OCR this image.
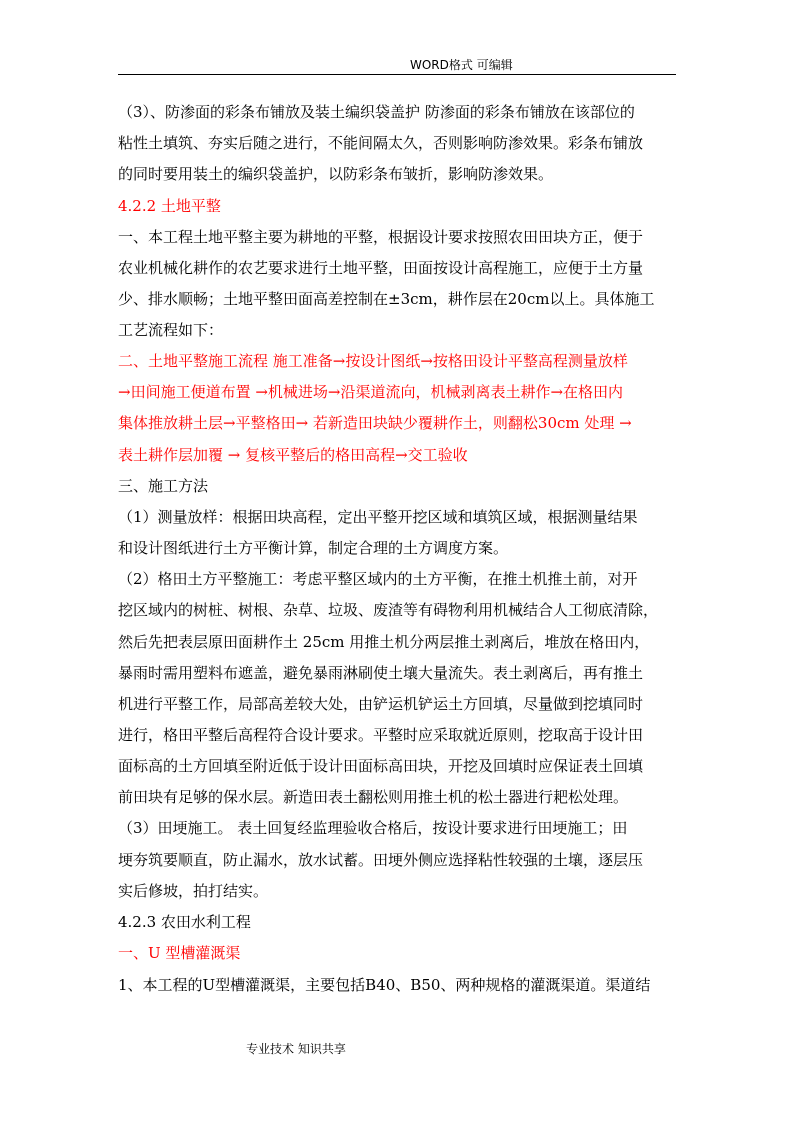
WORD格式 可编辑
（3）、防渗面的彩条布铺放及装土编织袋盖护 防渗面的彩条布铺放在该部位的
粘性土填筑、夯实后随之进行，不能间隔太久，否则影响防渗效果。彩条布铺放
的同时要用装土的编织袋盖护，以防彩条布皱折，影响防渗效果。
4.2.2 土地平整
一、本工程土地平整主要为耕地的平整，根据设计要求按照农田田块方正，便于
农业机械化耕作的农艺要求进行土地平整，田面按设计高程施工，应便于土方量
少、排水顺畅；土地平整田面高差控制在±3cm，耕作层在20cm以上。具体施工
工艺流程如下：
二、土地平整施工流程 施工准备→按设计图纸→按格田设计平整高程测量放样
→田间施工便道布置 →机械进场→沿渠道流向，机械剥离表土耕作→在格田内
集体推放耕土层→平整格田→ 若新造田块缺少覆耕作土，则翻松30cm 处理 →
表土耕作层加覆 → 复核平整后的格田高程→交工验收
三、施工方法
（1）测量放样：根据田块高程，定出平整开挖区域和填筑区域，根据测量结果
和设计图纸进行土方平衡计算，制定合理的土方调度方案。
（2）格田土方平整施工：考虑平整区域内的土方平衡，在推土机推土前，对开
挖区域内的树桩、树根、杂草、垃圾、废渣等有碍物利用机械结合人工彻底清除，
然后先把表层原田面耕作土 25cm 用推土机分两层推土剥离后，堆放在格田内，
暴雨时需用塑料布遮盖，避免暴雨淋刷使土壤大量流失。表土剥离后，再有推土
机进行平整工作，局部高差较大处，由铲运机铲运土方回填，尽量做到挖填同时
进行，格田平整后高程符合设计要求。平整时应采取就近原则，挖取高于设计田
面标高的土方回填至附近低于设计田面标高田块，开挖及回填时应保证表土回填
前田块有足够的保水层。新造田表土翻松则用推土机的松土器进行耙松处理。
（3）田埂施工。 表土回复经监理验收合格后，按设计要求进行田埂施工；田
埂夯筑要顺直，防止漏水，放水试蓄。田埂外侧应选择粘性较强的土壤，逐层压
实后修坡，拍打结实。
4.2.3 农田水利工程
一、U 型槽灌溉渠
1、本工程的U型槽灌溉渠，主要包括B40、B50、两种规格的灌溉渠道。渠道结
专业技术 知识共享
